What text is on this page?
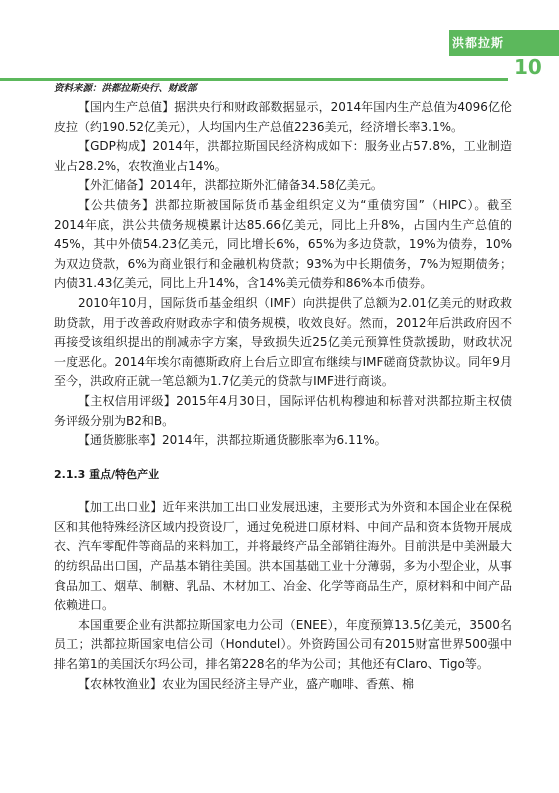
洪都拉斯
10
资料来源：洪都拉斯央行、财政部

【国内生产总值】据洪央行和财政部数据显示，2014年国内生产总值为4096亿伦皮拉（约190.52亿美元），人均国内生产总值2236美元，经济增长率3.1%。

【GDP构成】2014年，洪都拉斯国民经济构成如下：服务业占57.8%，工业制造业占28.2%，农牧渔业占14%。

【外汇储备】2014年，洪都拉斯外汇储备34.58亿美元。

【公共债务】洪都拉斯被国际货币基金组织定义为“重债穷国”（HIPC）。截至2014年底，洪公共债务规模累计达85.66亿美元，同比上升8%，占国内生产总值的45%，其中外债54.23亿美元，同比增长6%，65%为多边贷款，19%为债券，10%为双边贷款，6%为商业银行和金融机构贷款；93%为中长期债务，7%为短期债务；内债31.43亿美元，同比上升14%，含14%美元债券和86%本币债券。

2010年10月，国际货币基金组织（IMF）向洪提供了总额为2.01亿美元的财政救助贷款，用于改善政府财政赤字和债务规模，收效良好。然而，2012年后洪政府因不再接受该组织提出的削减赤字方案，导致损失近25亿美元预算性贷款援助，财政状况一度恶化。2014年埃尔南德斯政府上台后立即宣布继续与IMF磋商贷款协议。同年9月至今，洪政府正就一笔总额为1.7亿美元的贷款与IMF进行商谈。

【主权信用评级】2015年4月30日，国际评估机构穆迪和标普对洪都拉斯主权债务评级分别为B2和B。

【通货膨胀率】2014年，洪都拉斯通货膨胀率为6.11%。

2.1.3 重点/特色产业

【加工出口业】近年来洪加工出口业发展迅速，主要形式为外资和本国企业在保税区和其他特殊经济区域内投资设厂，通过免税进口原材料、中间产品和资本货物开展成衣、汽车零配件等商品的来料加工，并将最终产品全部销往海外。目前洪是中美洲最大的纺织品出口国，产品基本销往美国。洪本国基础工业十分薄弱，多为小型企业，从事食品加工、烟草、制糖、乳品、木材加工、冶金、化学等商品生产，原材料和中间产品依赖进口。

本国重要企业有洪都拉斯国家电力公司（ENEE），年度预算13.5亿美元，3500名员工；洪都拉斯国家电信公司（Hondutel）。外资跨国公司有2015财富世界500强中排名第1的美国沃尔玛公司，排名第228名的华为公司；其他还有Claro、Tigo等。

【农林牧渔业】农业为国民经济主导产业，盛产咖啡、香蕉、棉
